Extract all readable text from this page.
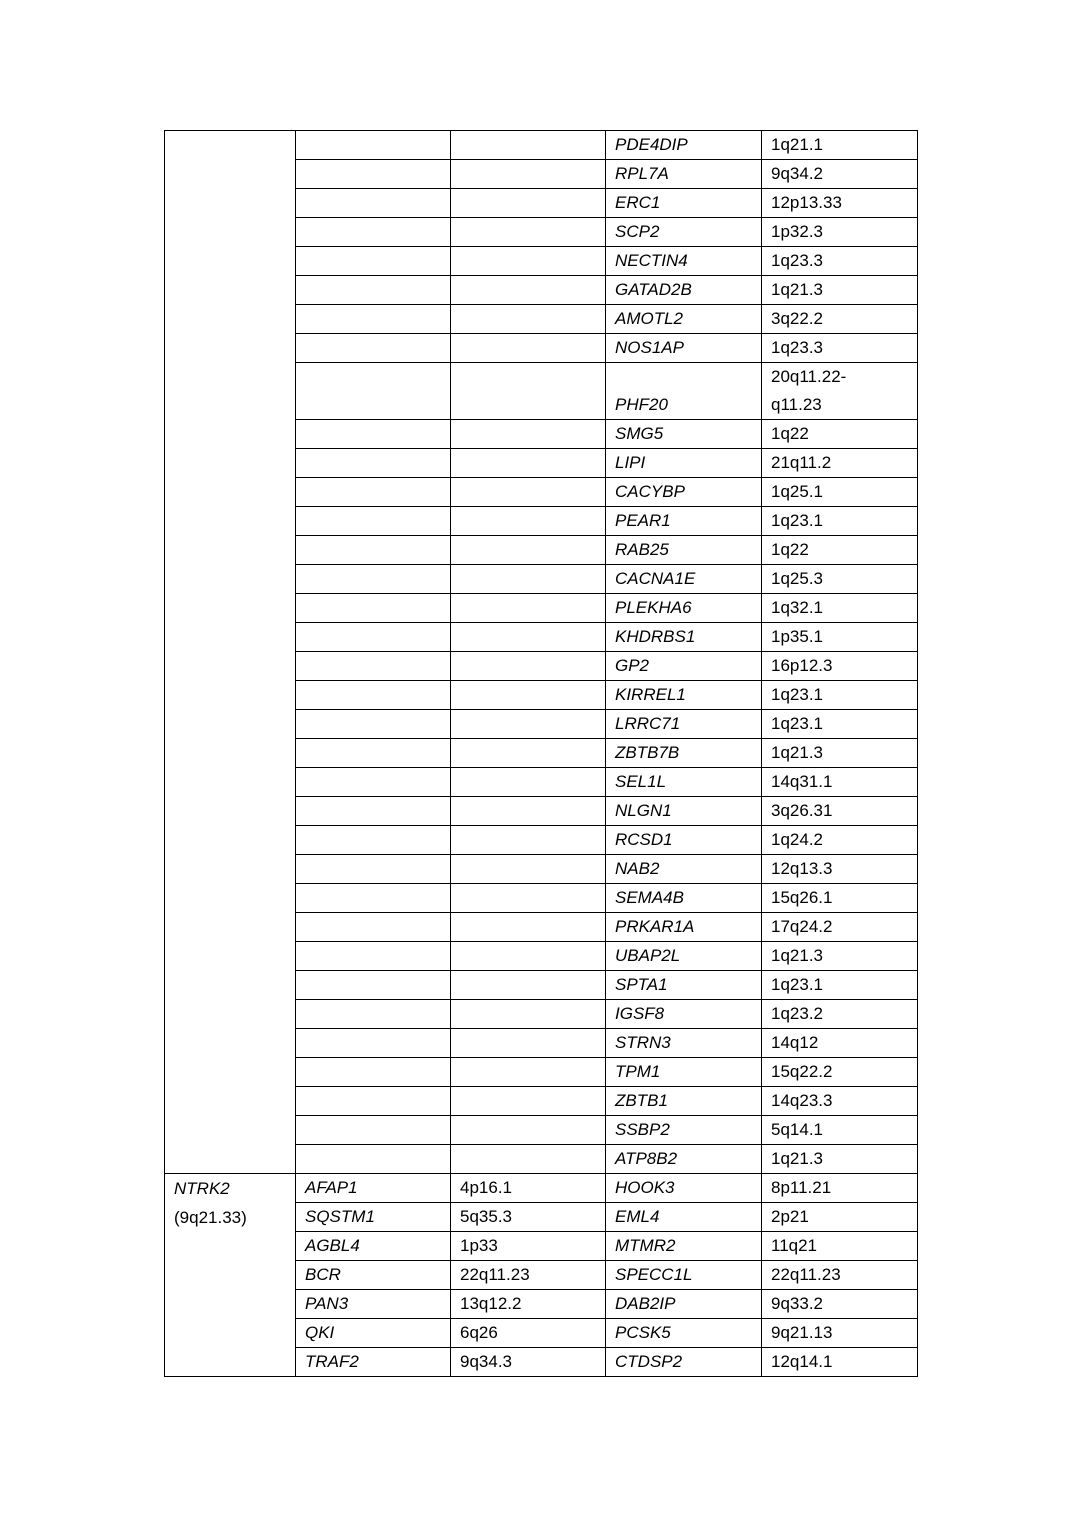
			PDE4DIP	1q21.1
			RPL7A	9q34.2
			ERC1	12p13.33
			SCP2	1p32.3
			NECTIN4	1q23.3
			GATAD2B	1q21.3
			AMOTL2	3q22.2
			NOS1AP	1q23.3
			PHF20	20q11.22-
q11.23

			SMG5	1q22
			LIPI	21q11.2
			CACYBP	1q25.1
			PEAR1	1q23.1
			RAB25	1q22
			CACNA1E	1q25.3
			PLEKHA6	1q32.1
			KHDRBS1	1p35.1
			GP2	16p12.3
			KIRREL1	1q23.1
			LRRC71	1q23.1
			ZBTB7B	1q21.3
			SEL1L	14q31.1
			NLGN1	3q26.31
			RCSD1	1q24.2
			NAB2	12q13.3
			SEMA4B	15q26.1
			PRKAR1A	17q24.2
			UBAP2L	1q21.3
			SPTA1	1q23.1
			IGSF8	1q23.2
			STRN3	14q12
			TPM1	15q22.2
			ZBTB1	14q23.3
			SSBP2	5q14.1
			ATP8B2	1q21.3

NTRK2
(9q21.33)	AFAP1	4p16.1	HOOK3	8p11.21
	SQSTM1	5q35.3	EML4	2p21
	AGBL4	1p33	MTMR2	11q21
	BCR	22q11.23	SPECC1L	22q11.23
	PAN3	13q12.2	DAB2IP	9q33.2
	QKI	6q26	PCSK5	9q21.13
	TRAF2	9q34.3	CTDSP2	12q14.1
